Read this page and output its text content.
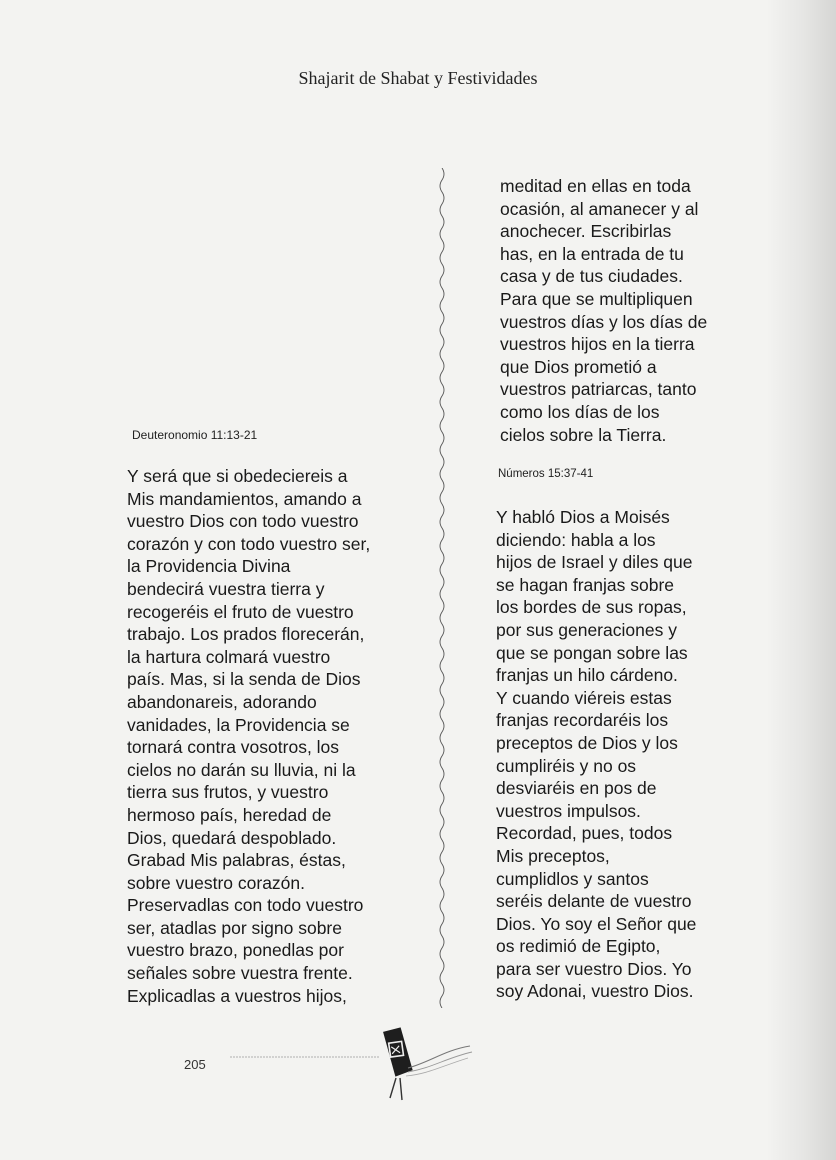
Shajarit de Shabat y Festividades
Deuteronomio 11:13-21
Y será que si obedeciereis a
Mis mandamientos, amando a
vuestro Dios con todo vuestro
corazón y con todo vuestro ser,
la Providencia Divina
bendecirá vuestra tierra y
recogeréis el fruto de vuestro
trabajo. Los prados florecerán,
la hartura colmará vuestro
país. Mas, si la senda de Dios
abandonareis, adorando
vanidades, la Providencia se
tornará contra vosotros, los
cielos no darán su lluvia, ni la
tierra sus frutos, y vuestro
hermoso país, heredad de
Dios, quedará despoblado.
Grabad Mis palabras, éstas,
sobre vuestro corazón.
Preservadlas con todo vuestro
ser, atadlas por signo sobre
vuestro brazo, ponedlas por
señales sobre vuestra frente.
Explicadlas a vuestros hijos,
meditad en ellas en toda
ocasión, al amanecer y al
anochecer. Escribirlas
has, en la entrada de tu
casa y de tus ciudades.
Para que se multipliquen
vuestros días y los días de
vuestros hijos en la tierra
que Dios prometió a
vuestros patriarcas, tanto
como los días de los
cielos sobre la Tierra.
Números 15:37-41
Y habló Dios a Moisés
diciendo: habla a los
hijos de Israel y diles que
se hagan franjas sobre
los bordes de sus ropas,
por sus generaciones y
que se pongan sobre las
franjas un hilo cárdeno.
Y cuando viéreis estas
franjas recordaréis los
preceptos de Dios y los
cumpliréis y no os
desviaréis en pos de
vuestros impulsos.
Recordad, pues, todos
Mis preceptos,
cumplidlos y santos
seréis delante de vuestro
Dios. Yo soy el Señor que
os redimió de Egipto,
para ser vuestro Dios. Yo
soy Adonai, vuestro Dios.
205
